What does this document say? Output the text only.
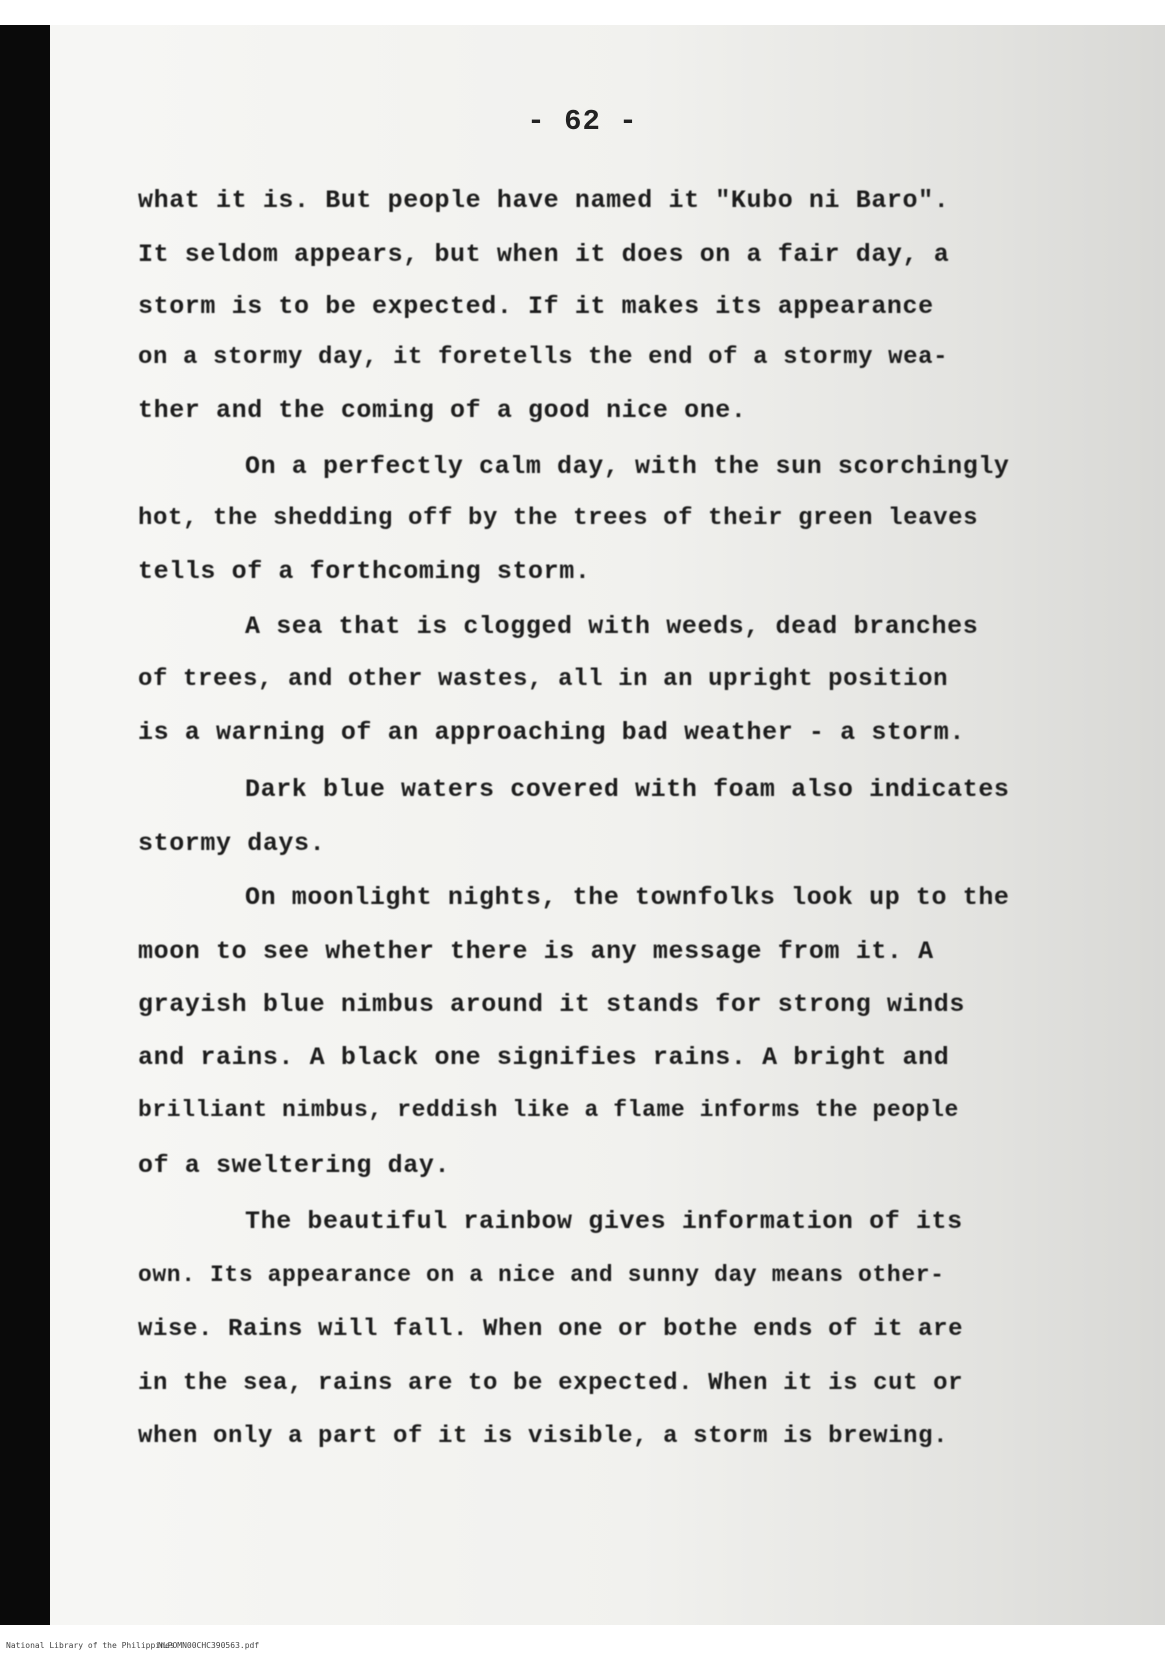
- 62 -
what it is. But people have named it "Kubo ni Baro".
It seldom appears, but when it does on a fair day, a
storm is to be expected. If it makes its appearance
on a stormy day, it foretells the end of a stormy wea-
ther and the coming of a good nice one.
On a perfectly calm day, with the sun scorchingly
hot, the shedding off by the trees of their green leaves
tells of a forthcoming storm.
A sea that is clogged with weeds, dead branches
of trees, and other wastes, all in an upright position
is a warning of an approaching bad weather - a storm.
Dark blue waters covered with foam also indicates
stormy days.
On moonlight nights, the townfolks look up to the
moon to see whether there is any message from it. A
grayish blue nimbus around it stands for strong winds
and rains. A black one signifies rains. A bright and
brilliant nimbus, reddish like a flame informs the people
of a sweltering day.
The beautiful rainbow gives information of its
own. Its appearance on a nice and sunny day means other-
wise. Rains will fall. When one or bothe ends of it are
in the sea, rains are to be expected. When it is cut or
when only a part of it is visible, a storm is brewing.
National Library of the Philippines
NLPOMN00CHC390563.pdf
